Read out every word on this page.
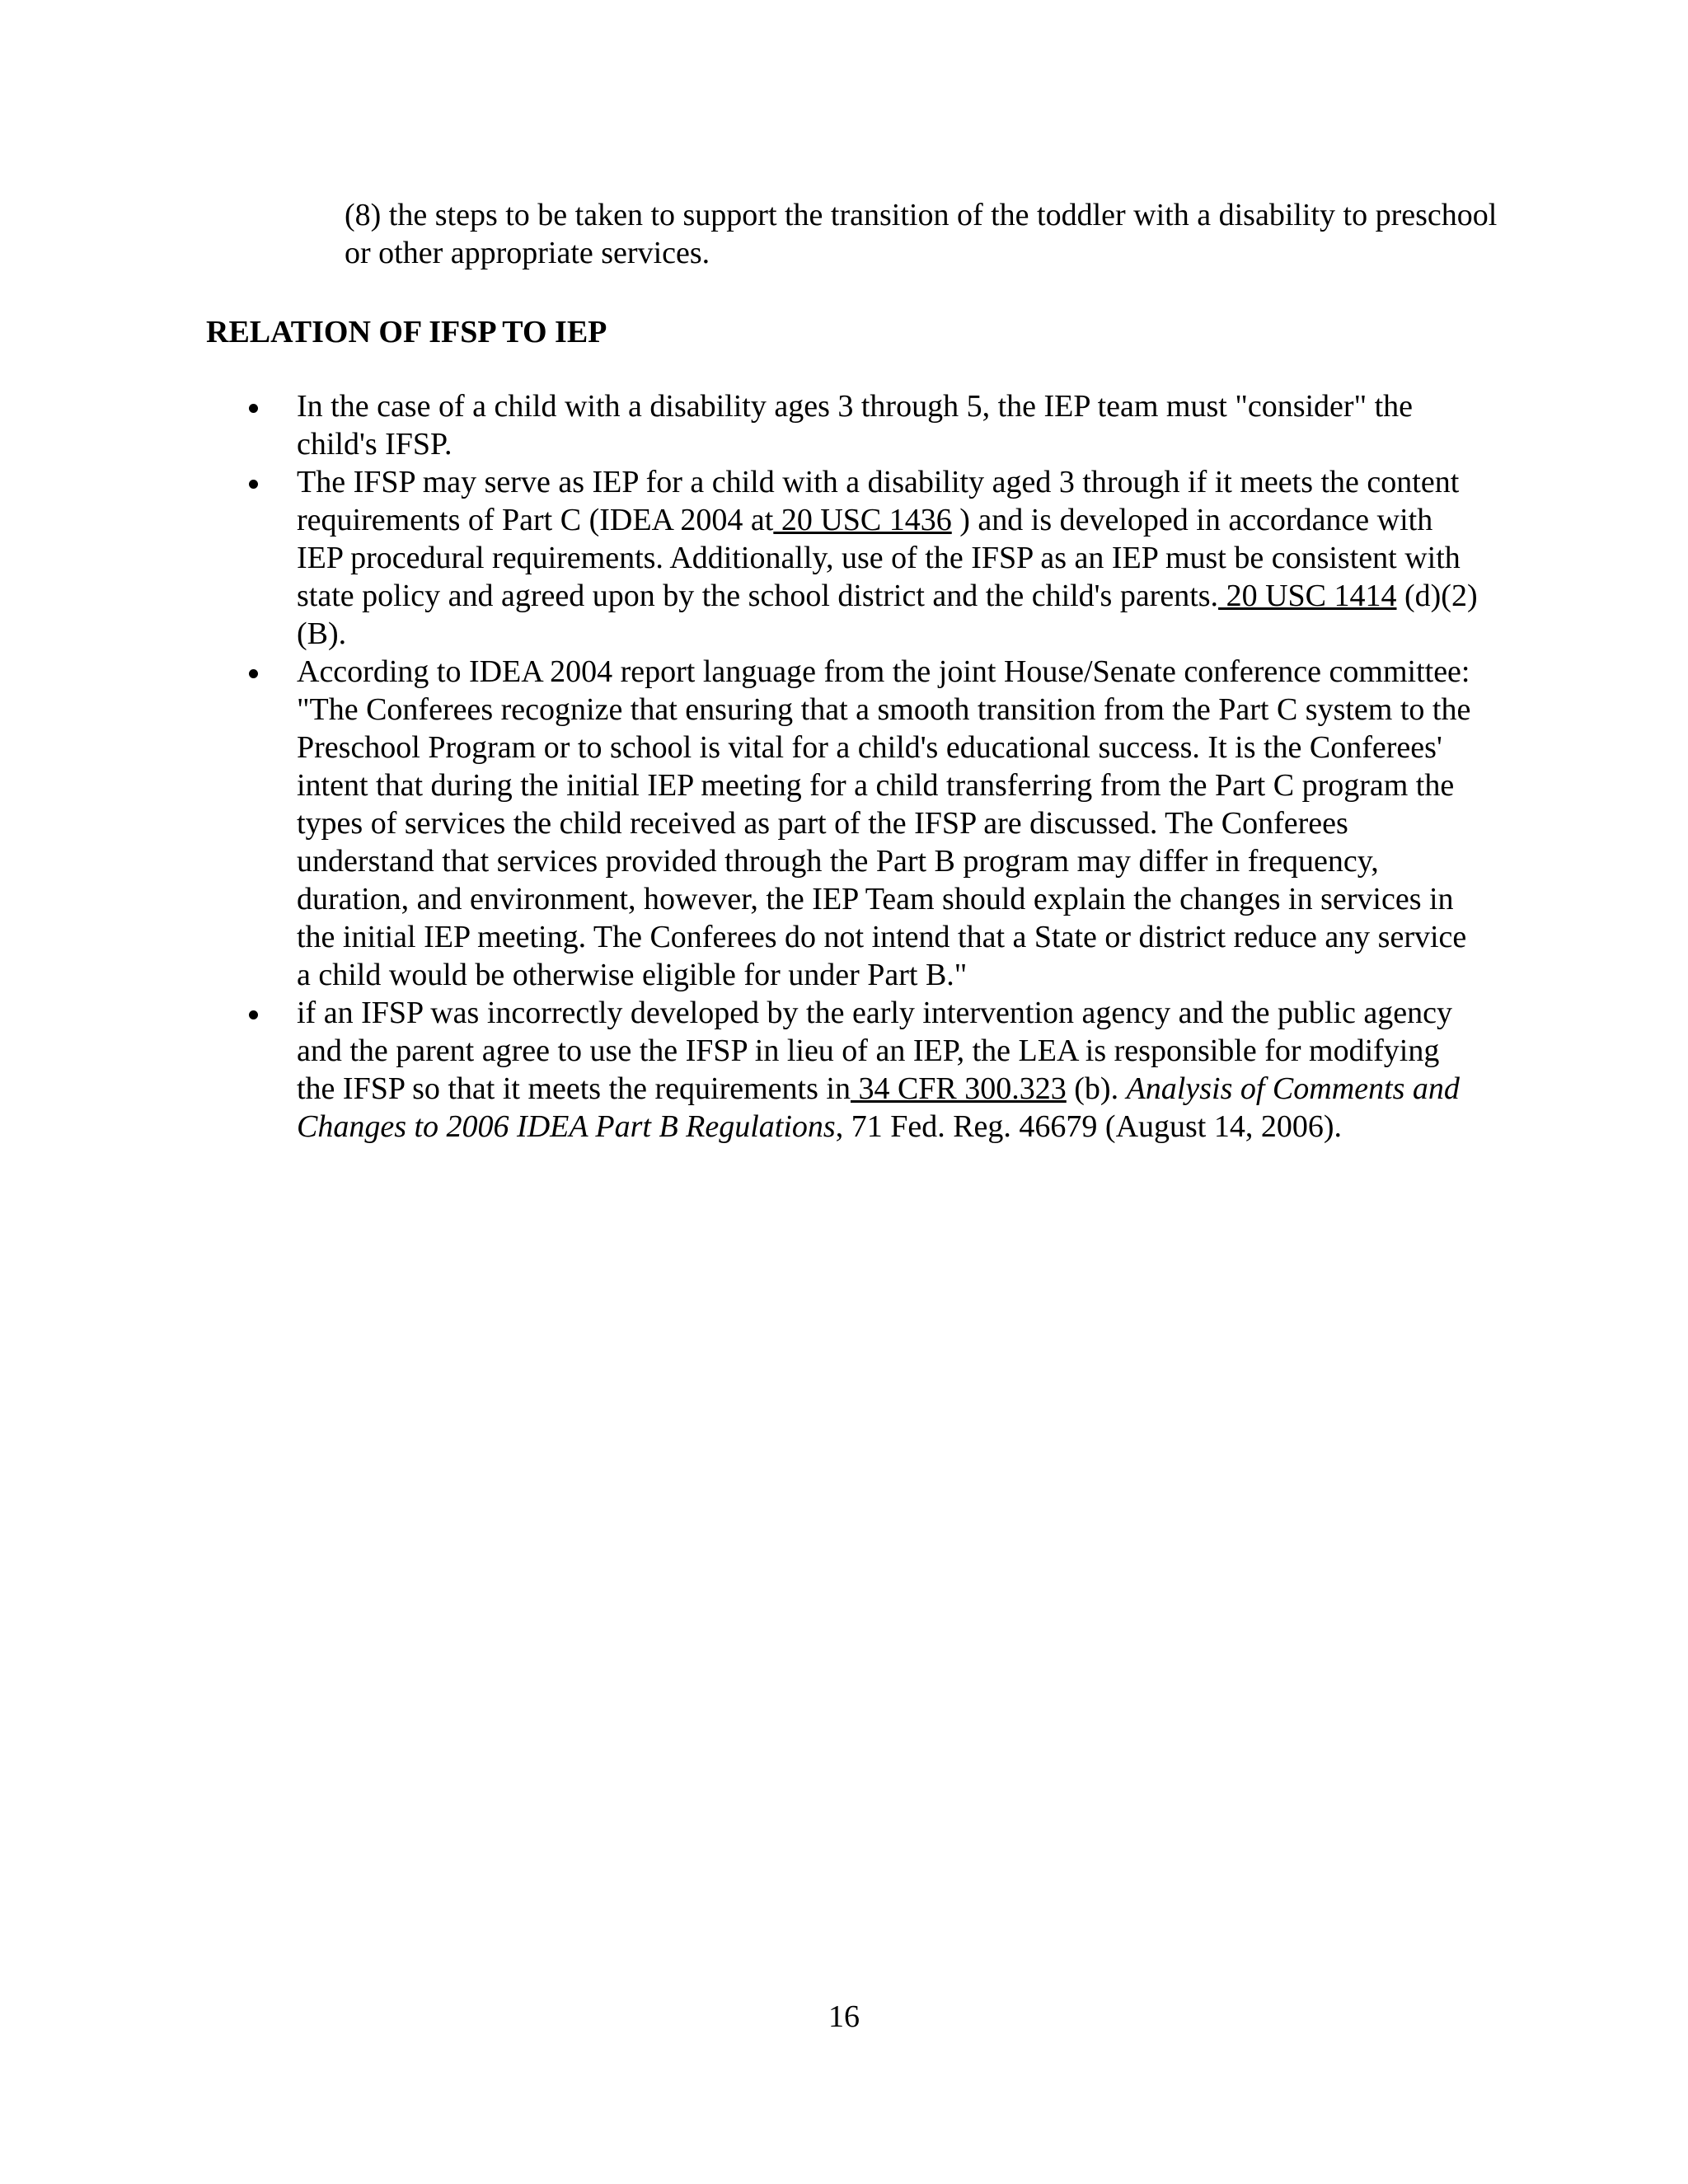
(8) the steps to be taken to support the transition of the toddler with a disability to preschool or other appropriate services.
RELATION OF IFSP TO IEP
In the case of a child with a disability ages 3 through 5, the IEP team must "consider" the child's IFSP.
The IFSP may serve as IEP for a child with a disability aged 3 through if it meets the content requirements of Part C (IDEA 2004 at 20 USC 1436 ) and is developed in accordance with IEP procedural requirements. Additionally, use of the IFSP as an IEP must be consistent with state policy and agreed upon by the school district and the child's parents. 20 USC 1414 (d)(2)(B).
According to IDEA 2004 report language from the joint House/Senate conference committee: "The Conferees recognize that ensuring that a smooth transition from the Part C system to the Preschool Program or to school is vital for a child's educational success. It is the Conferees' intent that during the initial IEP meeting for a child transferring from the Part C program the types of services the child received as part of the IFSP are discussed. The Conferees understand that services provided through the Part B program may differ in frequency, duration, and environment, however, the IEP Team should explain the changes in services in the initial IEP meeting. The Conferees do not intend that a State or district reduce any service a child would be otherwise eligible for under Part B."
if an IFSP was incorrectly developed by the early intervention agency and the public agency and the parent agree to use the IFSP in lieu of an IEP, the LEA is responsible for modifying the IFSP so that it meets the requirements in 34 CFR 300.323 (b). Analysis of Comments and Changes to 2006 IDEA Part B Regulations, 71 Fed. Reg. 46679 (August 14, 2006).
16
